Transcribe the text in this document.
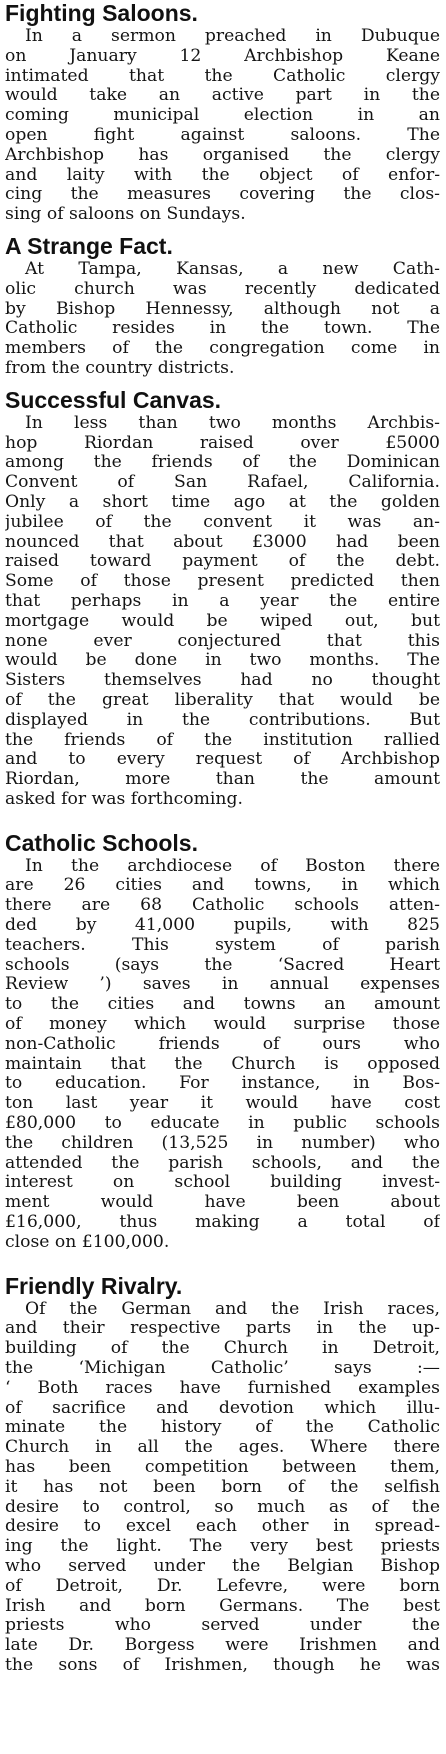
Fighting Saloons.

In a sermon preached in Dubuque

on January 12 Archbishop Keane

intimated that the Catholic clergy

would take an active part in the

coming municipal election in an

open fight against saloons. The

Archbishop has organised the clergy

and laity with the object of enfor-

cing the measures covering the clos-

sing of saloons on Sundays.

A Strange Fact.

At Tampa, Kansas, a new Cath-

olic church was recently dedicated

by Bishop Hennessy, although not a

Catholic resides in the town. The

members of the congregation come in

from the country districts.

Successful Canvas.

In less than two months Archbis-

hop Riordan raised over £5000

among the friends of the Dominican

Convent of San Rafael, California.

Only a short time ago at the golden

jubilee of the convent it was an-

nounced that about £3000 had been

raised toward payment of the debt.

Some of those present predicted then

that perhaps in a year the entire

mortgage would be wiped out, but

none ever conjectured that this

would be done in two months. The

Sisters themselves had no thought

of the great liberality that would be

displayed in the contributions. But

the friends of the institution rallied

and to every request of Archbishop

Riordan, more than the amount

asked for was forthcoming.

Catholic Schools.

In the archdiocese of Boston there

are 26 cities and towns, in which

there are 68 Catholic schools atten-

ded by 41,000 pupils, with 825

teachers. This system of parish

schools (says the ‘Sacred Heart

Review ’) saves in annual expenses

to the cities and towns an amount

of money which would surprise those

non-Catholic friends of ours who

maintain that the Church is opposed

to education. For instance, in Bos-

ton last year it would have cost

£80,000 to educate in public schools

the children (13,525 in number) who

attended the parish schools, and the

interest on school building invest-

ment would have been about

£16,000, thus making a total of

close on £100,000.

Friendly Rivalry.

Of the German and the Irish races,

and their respective parts in the up-

building of the Church in Detroit,

the ‘Michigan Catholic’ says :—

‘ Both races have furnished examples

of sacrifice and devotion which illu-

minate the history of the Catholic

Church in all the ages. Where there

has been competition between them,

it has not been born of the selfish

desire to control, so much as of the

desire to excel each other in spread-

ing the light. The very best priests

who served under the Belgian Bishop

of Detroit, Dr. Lefevre, were born

Irish and born Germans. The best

priests who served under the

late Dr. Borgess were Irishmen and

the sons of Irishmen, though he was
